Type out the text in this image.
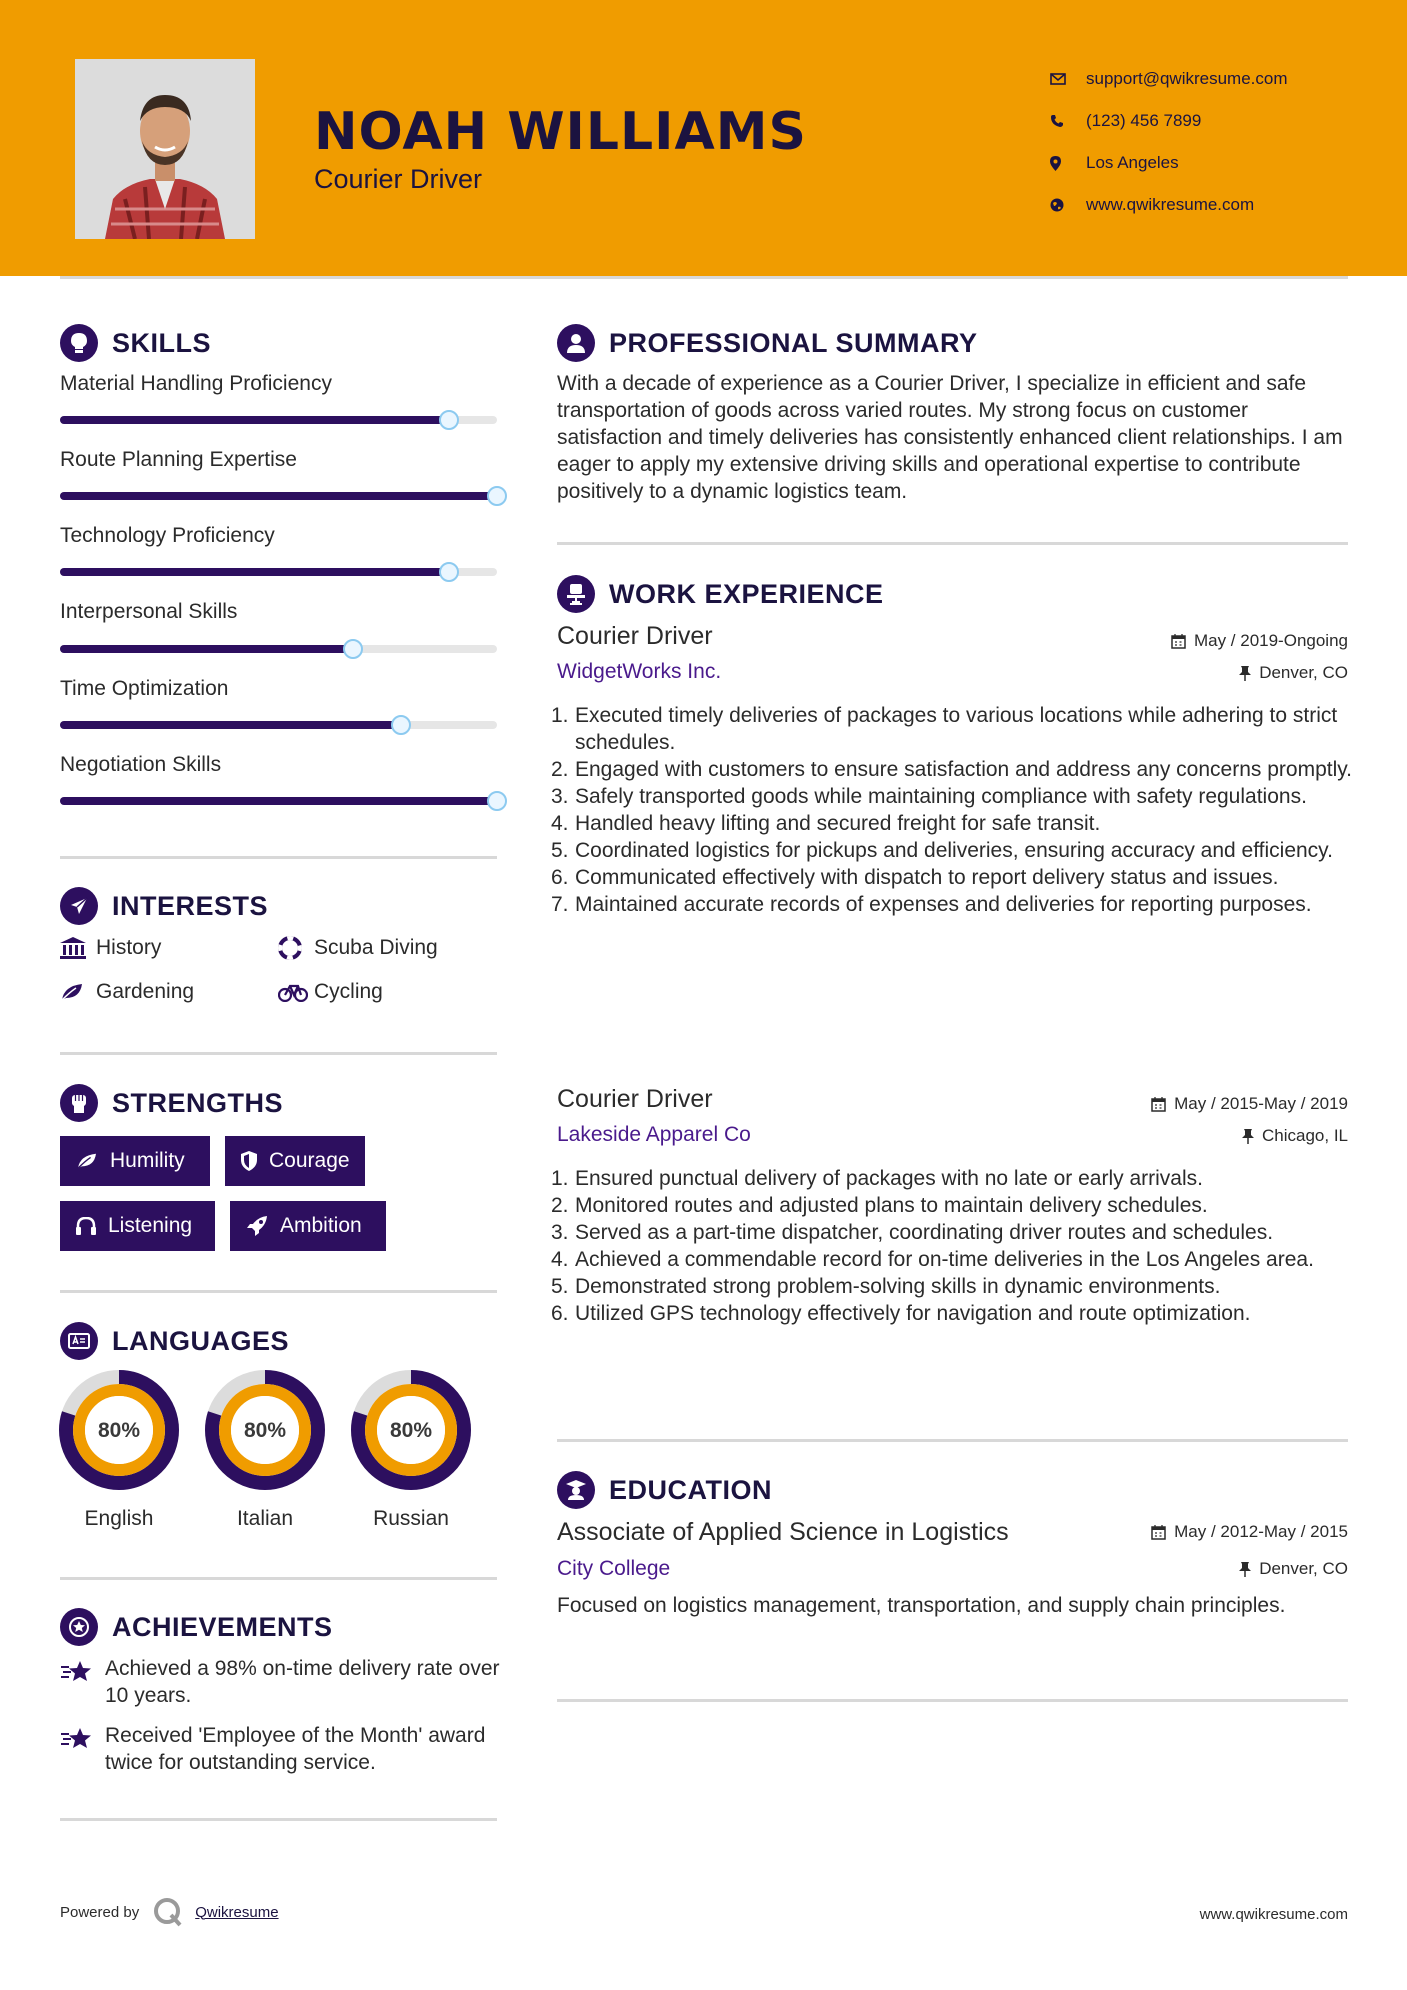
NOAH WILLIAMS
Courier Driver
support@qwikresume.com
(123) 456 7899
Los Angeles
www.qwikresume.com
SKILLS
Material Handling Proficiency
Route Planning Expertise
Technology Proficiency
Interpersonal Skills
Time Optimization
Negotiation Skills
INTERESTS
History	Scuba Diving
Gardening	Cycling
STRENGTHS
Humility	Courage
Listening	Ambition
LANGUAGES
80%
English
80%
Italian
80%
Russian
ACHIEVEMENTS
Achieved a 98% on-time delivery rate over 10 years.
Received 'Employee of the Month' award twice for outstanding service.
PROFESSIONAL SUMMARY
With a decade of experience as a Courier Driver, I specialize in efficient and safe transportation of goods across varied routes. My strong focus on customer satisfaction and timely deliveries has consistently enhanced client relationships. I am eager to apply my extensive driving skills and operational expertise to contribute positively to a dynamic logistics team.
WORK EXPERIENCE
Courier Driver	May / 2019-Ongoing
WidgetWorks Inc.	Denver, CO
1. Executed timely deliveries of packages to various locations while adhering to strict schedules.
2. Engaged with customers to ensure satisfaction and address any concerns promptly.
3. Safely transported goods while maintaining compliance with safety regulations.
4. Handled heavy lifting and secured freight for safe transit.
5. Coordinated logistics for pickups and deliveries, ensuring accuracy and efficiency.
6. Communicated effectively with dispatch to report delivery status and issues.
7. Maintained accurate records of expenses and deliveries for reporting purposes.
Courier Driver	May / 2015-May / 2019
Lakeside Apparel Co	Chicago, IL
1. Ensured punctual delivery of packages with no late or early arrivals.
2. Monitored routes and adjusted plans to maintain delivery schedules.
3. Served as a part-time dispatcher, coordinating driver routes and schedules.
4. Achieved a commendable record for on-time deliveries in the Los Angeles area.
5. Demonstrated strong problem-solving skills in dynamic environments.
6. Utilized GPS technology effectively for navigation and route optimization.
EDUCATION
Associate of Applied Science in Logistics	May / 2012-May / 2015
City College	Denver, CO
Focused on logistics management, transportation, and supply chain principles.
Powered by	Qwikresume	www.qwikresume.com
